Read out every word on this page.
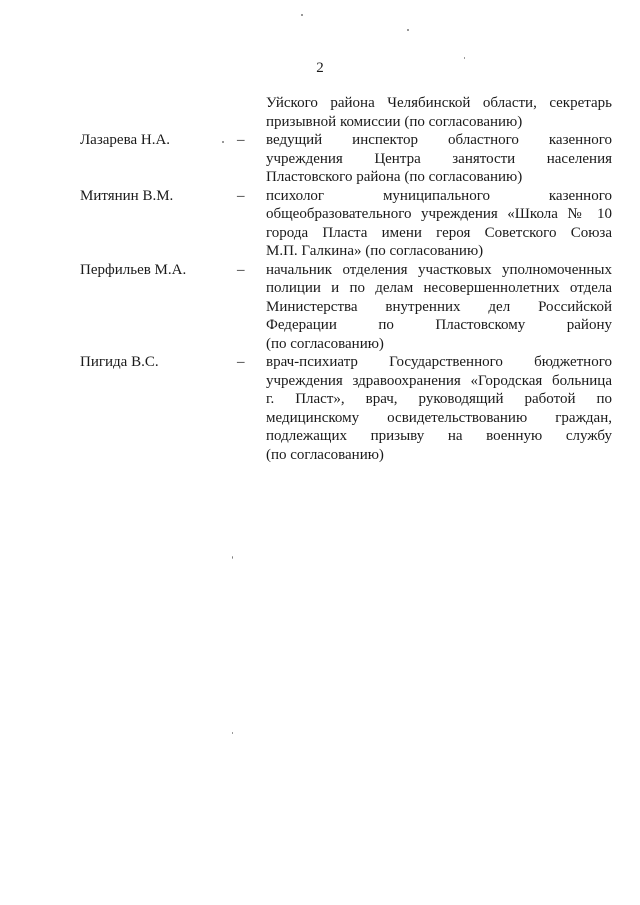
2
Уйского района Челябинской области, секретарь
призывной комиссии (по согласованию)
Лазарева Н.А.	– ведущий инспектор областного казенного
учреждения Центра занятости населения
Пластовского района (по согласованию)
Митянин В.М.	– психолог муниципального казенного
общеобразовательного учреждения «Школа № 10
города Пласта имени героя Советского Союза
М.П. Галкина» (по согласованию)
Перфильев М.А.	– начальник отделения участковых уполномоченных
полиции и по делам несовершеннолетних отдела
Министерства внутренних дел Российской
Федерации по Пластовскому району
(по согласованию)
Пигида В.С.	– врач-психиатр Государственного бюджетного
учреждения здравоохранения «Городская больница
г. Пласт», врач, руководящий работой по
медицинскому освидетельствованию граждан,
подлежащих призыву на военную службу
(по согласованию)
